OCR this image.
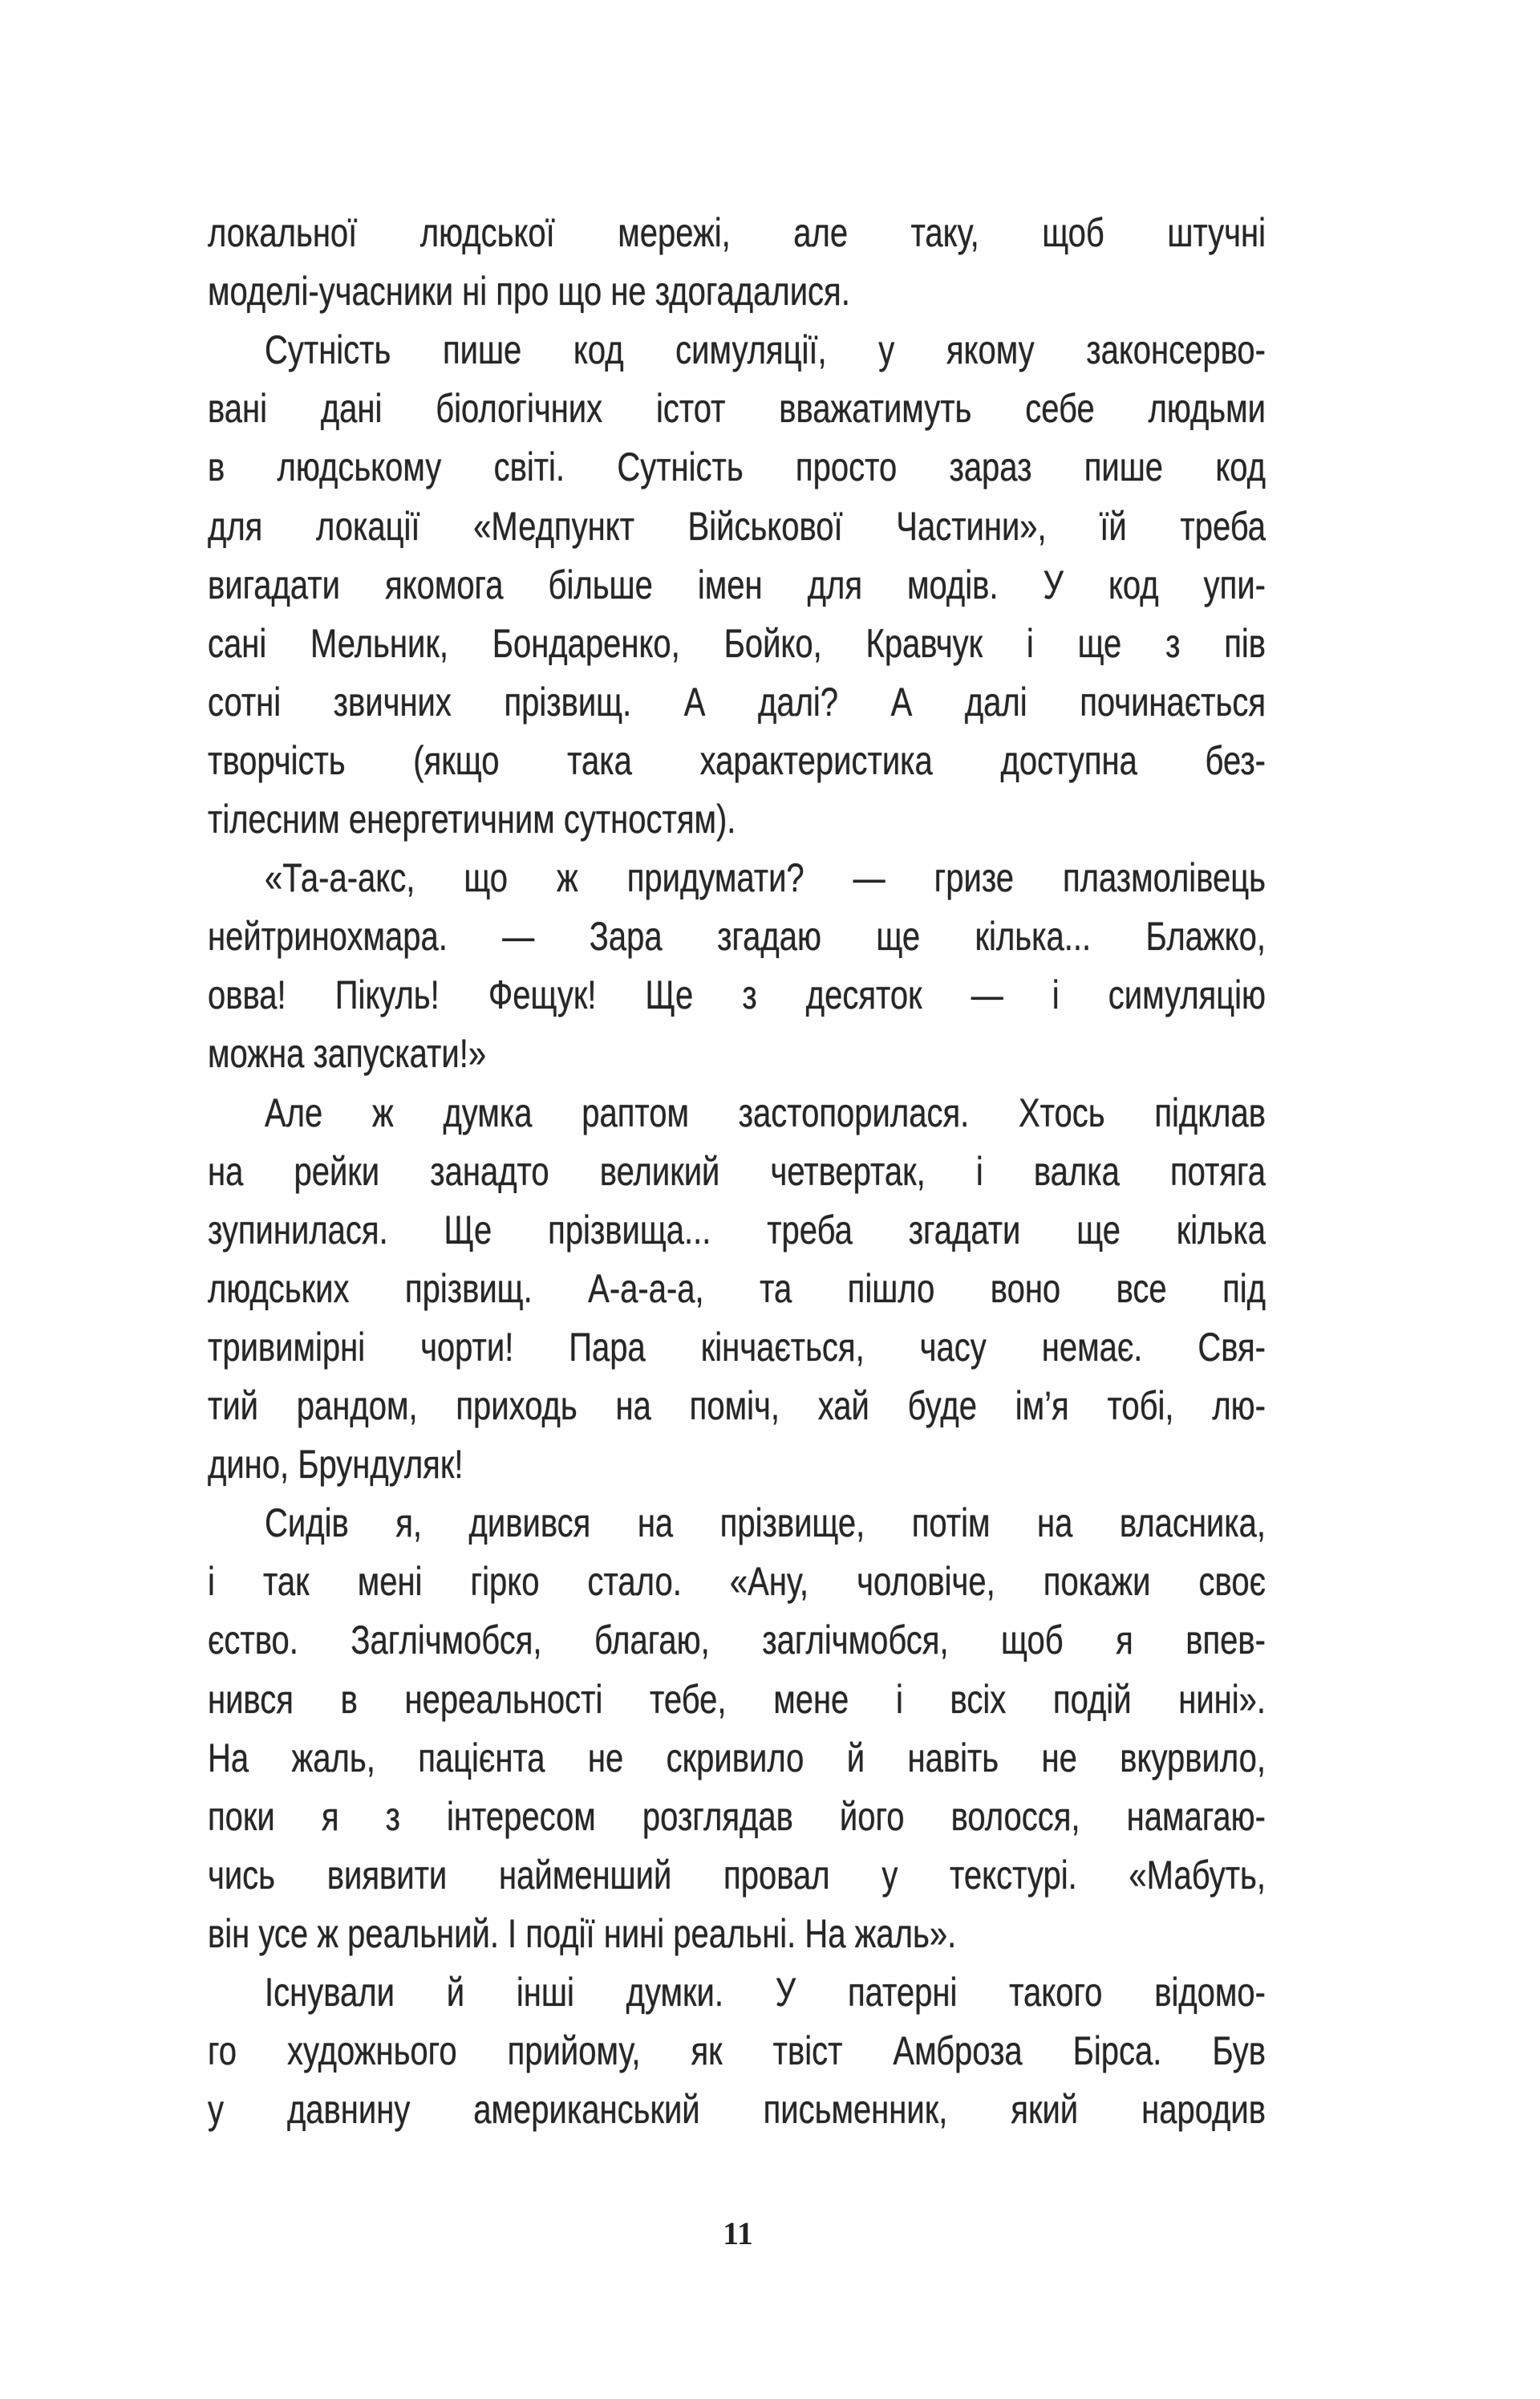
локальної людської мережі, але таку, щоб штучні
моделі-учасники ні про що не здогадалися.
Сутність пише код симуляції, у якому законсерво-
вані дані біологічних істот вважатимуть себе людьми
в людському світі. Сутність просто зараз пише код
для локації «Медпункт Військової Частини», їй треба
вигадати якомога більше імен для модів. У код упи-
сані Мельник, Бондаренко, Бойко, Кравчук і ще з пів
сотні звичних прізвищ. А далі? А далі починається
творчість (якщо така характеристика доступна без-
тілесним енергетичним сутностям).
«Та-а-акс, що ж придумати? — гризе плазмолівець
нейтринохмара. — Зара згадаю ще кілька... Блажко,
овва! Пікуль! Фещук! Ще з десяток — і симуляцію
можна запускати!»
Але ж думка раптом застопорилася. Хтось підклав
на рейки занадто великий четвертак, і валка потяга
зупинилася. Ще прізвища... треба згадати ще кілька
людських прізвищ. А-а-а-а, та пішло воно все під
тривимірні чорти! Пара кінчається, часу немає. Свя-
тий рандом, приходь на поміч, хай буде ім’я тобі, лю-
дино, Брундуляк!
Сидів я, дивився на прізвище, потім на власника,
і так мені гірко стало. «Ану, чоловіче, покажи своє
єство. Заглічмобся, благаю, заглічмобся, щоб я впев-
нився в нереальності тебе, мене і всіх подій нині».
На жаль, пацієнта не скривило й навіть не вкурвило,
поки я з інтересом розглядав його волосся, намагаю-
чись виявити найменший провал у текстурі. «Мабуть,
він усе ж реальний. І події нині реальні. На жаль».
Існували й інші думки. У патерні такого відомо-
го художнього прийому, як твіст Амброза Бірса. Був
у давнину американський письменник, який народив
11
